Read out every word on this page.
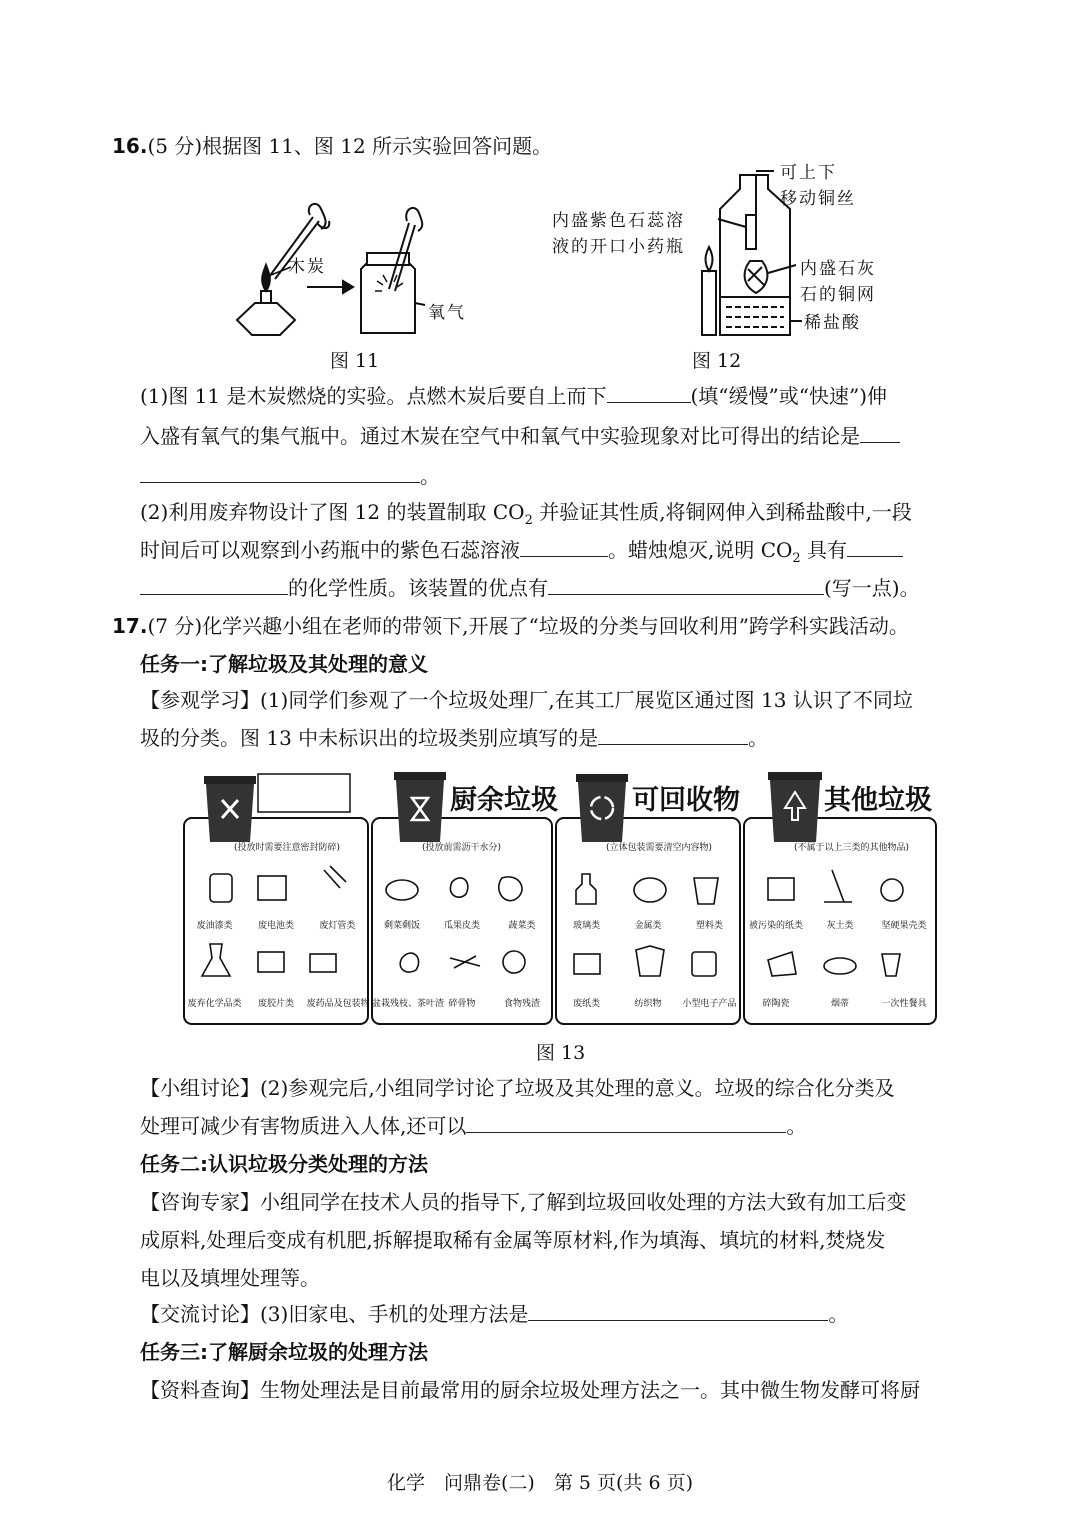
16.(5 分)根据图 11、图 12 所示实验回答问题。
木炭
氧气
图 11
可上下
移动铜丝
内盛紫色石蕊溶
液的开口小药瓶
内盛石灰
石的铜网
稀盐酸
图 12
(1)图 11 是木炭燃烧的实验。点燃木炭后要自上而下	(填“缓慢”或“快速”)伸
入盛有氧气的集气瓶中。通过木炭在空气中和氧气中实验现象对比可得出的结论是
。
(2)利用废弃物设计了图 12 的装置制取 $CO_2$ 并验证其性质,将铜网伸入到稀盐酸中,一段
时间后可以观察到小药瓶中的紫色石蕊溶液	。蜡烛熄灭,说明 $CO_2$ 具有
的化学性质。该装置的优点有	(写一点)。
17.(7 分)化学兴趣小组在老师的带领下,开展了“垃圾的分类与回收利用”跨学科实践活动。
任务一:了解垃圾及其处理的意义
【参观学习】(1)同学们参观了一个垃圾处理厂,在其工厂展览区通过图 13 认识了不同垃
圾的分类。图 13 中未标识出的垃圾类别应填写的是	。
(投放时需要注意密封防碎)
废油漆类	废电池类	废灯管类
废弃化学品类	废胶片类	废药品及包装物
厨余垃圾
(投放前需沥干水分)
剩菜剩饭	瓜果皮类	蔬菜类
盆栽残枝、茶叶渣 碎骨物	食物残渣
可回收物
(立体包装需要清空内容物)
玻璃类	金属类	塑料类
废纸类	纺织物	小型电子产品
其他垃圾
(不属于以上三类的其他物品)
被污染的纸类	灰土类	坚硬果壳类
碎陶瓷	烟蒂	一次性餐具
图 13
【小组讨论】(2)参观完后,小组同学讨论了垃圾及其处理的意义。垃圾的综合化分类及
处理可减少有害物质进入人体,还可以	。
任务二:认识垃圾分类处理的方法
【咨询专家】小组同学在技术人员的指导下,了解到垃圾回收处理的方法大致有加工后变
成原料,处理后变成有机肥,拆解提取稀有金属等原材料,作为填海、填坑的材料,焚烧发
电以及填埋处理等。
【交流讨论】(3)旧家电、手机的处理方法是	。
任务三:了解厨余垃圾的处理方法
【资料查询】生物处理法是目前最常用的厨余垃圾处理方法之一。其中微生物发酵可将厨
化学　问鼎卷(二)　第 5 页(共 6 页)
